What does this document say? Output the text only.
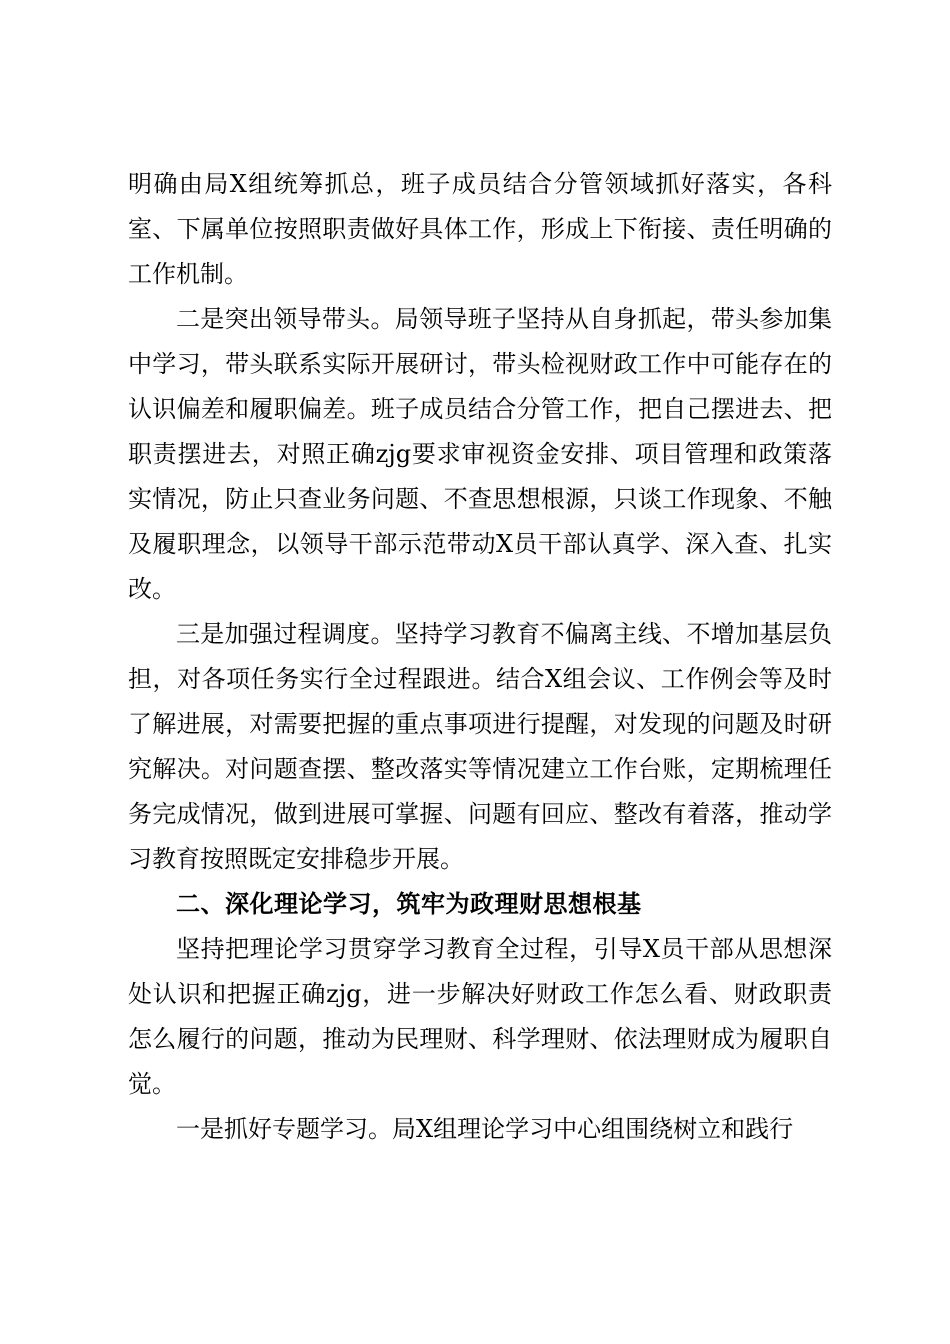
明确由局X组统筹抓总，班子成员结合分管领域抓好落实，各科室、下属单位按照职责做好具体工作，形成上下衔接、责任明确的工作机制。

二是突出领导带头。局领导班子坚持从自身抓起，带头参加集中学习，带头联系实际开展研讨，带头检视财政工作中可能存在的认识偏差和履职偏差。班子成员结合分管工作，把自己摆进去、把职责摆进去，对照正确zjg要求审视资金安排、项目管理和政策落实情况，防止只查业务问题、不查思想根源，只谈工作现象、不触及履职理念，以领导干部示范带动X员干部认真学、深入查、扎实改。

三是加强过程调度。坚持学习教育不偏离主线、不增加基层负担，对各项任务实行全过程跟进。结合X组会议、工作例会等及时了解进展，对需要把握的重点事项进行提醒，对发现的问题及时研究解决。对问题查摆、整改落实等情况建立工作台账，定期梳理任务完成情况，做到进展可掌握、问题有回应、整改有着落，推动学习教育按照既定安排稳步开展。

二、深化理论学习，筑牢为政理财思想根基

坚持把理论学习贯穿学习教育全过程，引导X员干部从思想深处认识和把握正确zjg，进一步解决好财政工作怎么看、财政职责怎么履行的问题，推动为民理财、科学理财、依法理财成为履职自觉。

一是抓好专题学习。局X组理论学习中心组围绕树立和践行
